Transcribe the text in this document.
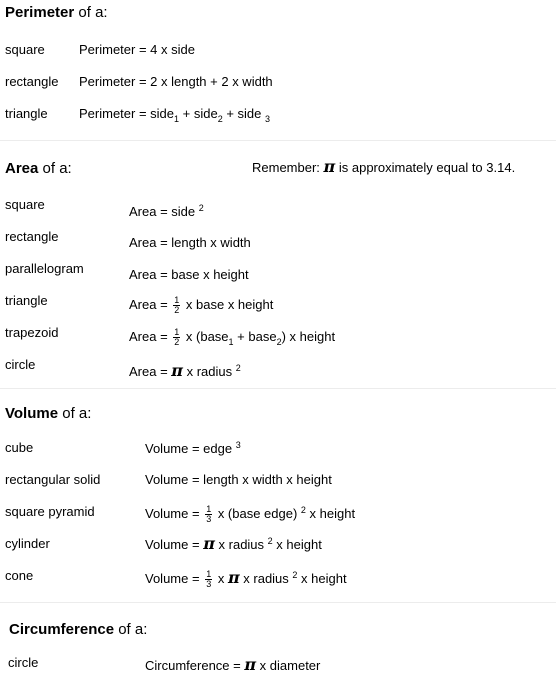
Perimeter of a:
square	Perimeter = 4 x side
rectangle Perimeter = 2 x length + 2 x width
triangle Perimeter = side$_1$ + side$_2$ + side $_3$
Area of a:	Remember: π is approximately equal to 3.14.
square	Area = side $^2$
rectangle	Area = length x width
parallelogram	Area = base x height
triangle	Area = $\frac{1}{2}$ x base x height
trapezoid	Area = $\frac{1}{2}$ x (base$_1$ + base$_2$) x height
circle	Area = π x radius $^2$
Volume of a:
cube	Volume = edge $^3$
rectangular solid	Volume = length x width x height
square pyramid	Volume = $\frac{1}{3}$ x (base edge) $^2$ x height
cylinder	Volume = π x radius $^2$ x height
cone	Volume = $\frac{1}{3}$ x π x radius $^2$ x height
Circumference of a:
circle	Circumference = π x diameter
